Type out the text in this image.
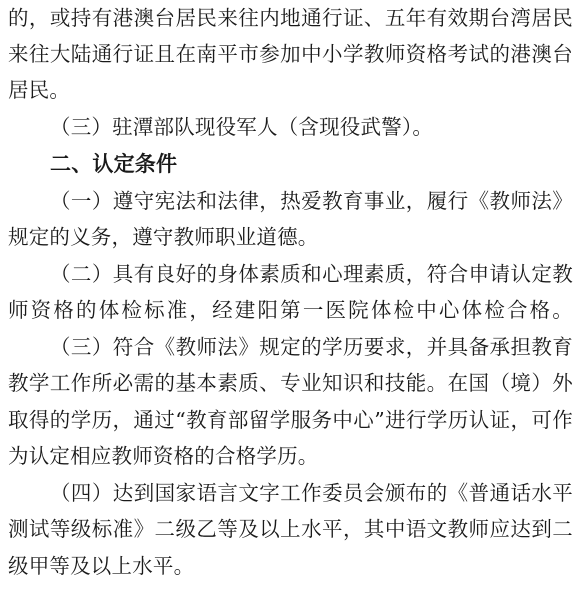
的，或持有港澳台居民来往内地通行证、五年有效期台湾居民
来往大陆通行证且在南平市参加中小学教师资格考试的港澳台
居民。
（三）驻潭部队现役军人（含现役武警）。
二、认定条件
（一）遵守宪法和法律，热爱教育事业，履行《教师法》
规定的义务，遵守教师职业道德。
（二）具有良好的身体素质和心理素质，符合申请认定教
师资格的体检标准，经建阳第一医院体检中心体检合格。
（三）符合《教师法》规定的学历要求，并具备承担教育
教学工作所必需的基本素质、专业知识和技能。在国（境）外
取得的学历，通过“教育部留学服务中心”进行学历认证，可作
为认定相应教师资格的合格学历。
（四）达到国家语言文字工作委员会颁布的《普通话水平
测试等级标准》二级乙等及以上水平，其中语文教师应达到二
级甲等及以上水平。
